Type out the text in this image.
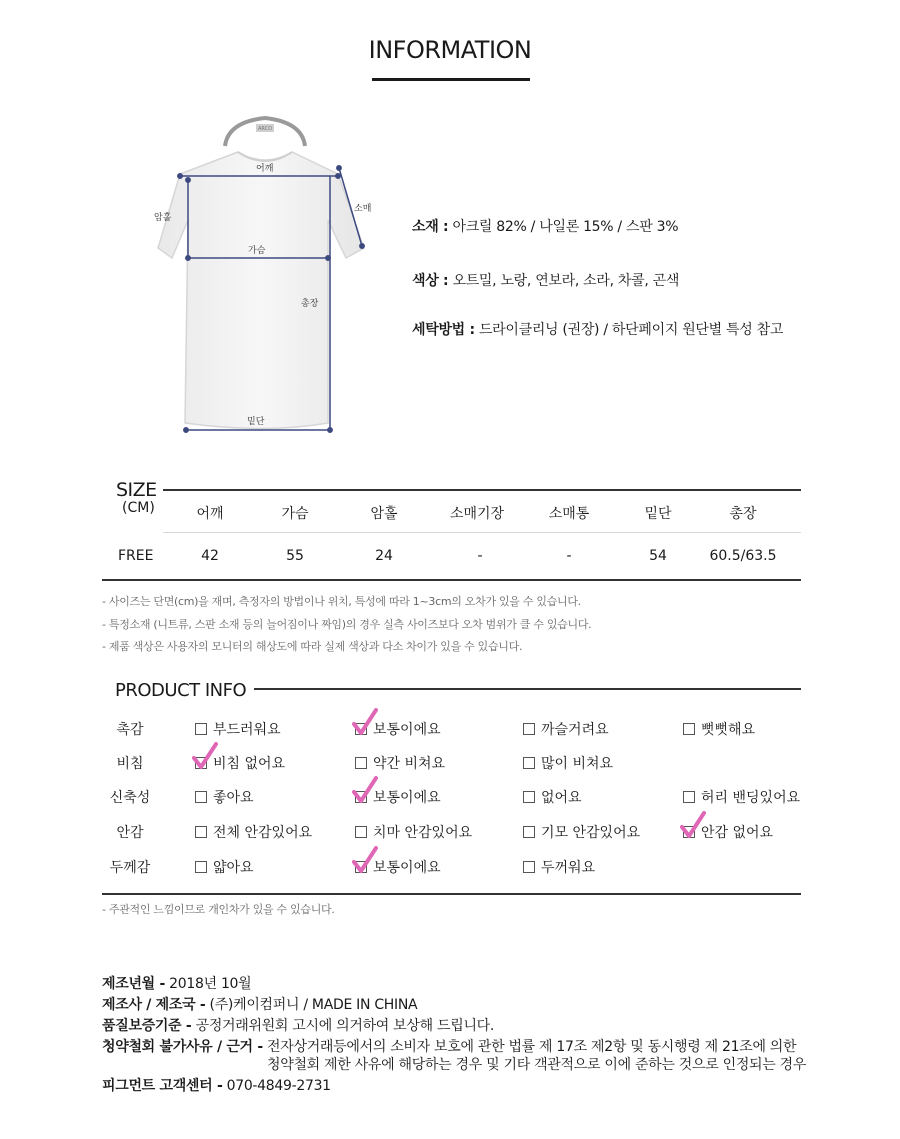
INFORMATION
ARCO
어깨
소매
암홀
가슴
총장
밑단
소재 : 아크릴 82% / 나일론 15% / 스판 3%
색상 : 오트밀, 노랑, 연보라, 소라, 차콜, 곤색
세탁방법 : 드라이클리닝 (권장) / 하단페이지 원단별 특성 참고
SIZE
(CM)	어깨	가슴	암홀	소매기장	소매통	밑단	총장
FREE	42	55	24	-	-	54	60.5/63.5
- 사이즈는 단면(cm)을 재며, 측정자의 방법이나 위치, 특성에 따라 1~3cm의 오차가 있을 수 있습니다.
- 특정소재 (니트류, 스판 소재 등의 늘어짐이나 짜임)의 경우 실측 사이즈보다 오차 범위가 클 수 있습니다.
- 제품 색상은 사용자의 모니터의 해상도에 따라 실제 색상과 다소 차이가 있을 수 있습니다.
PRODUCT INFO
촉감	부드러워요	보통이에요	까슬거려요	뻣뻣해요
비침	비침 없어요	약간 비쳐요	많이 비쳐요
신축성	좋아요	보통이에요	없어요	허리 밴딩있어요
안감	전체 안감있어요	치마 안감있어요	기모 안감있어요	안감 없어요
두께감	얇아요	보통이에요	두꺼워요
- 주관적인 느낌이므로 개인차가 있을 수 있습니다.
제조년월 - 2018년 10월
제조사 / 제조국 - (주)케이컴퍼니 / MADE IN CHINA
품질보증기준 - 공정거래위원회 고시에 의거하여 보상해 드립니다.
청약철회 불가사유 / 근거 - 전자상거래등에서의 소비자 보호에 관한 법률 제 17조 제2항 및 동시행령 제 21조에 의한
청약철회 제한 사유에 해당하는 경우 및 기타 객관적으로 이에 준하는 것으로 인정되는 경우
피그먼트 고객센터 - 070-4849-2731
